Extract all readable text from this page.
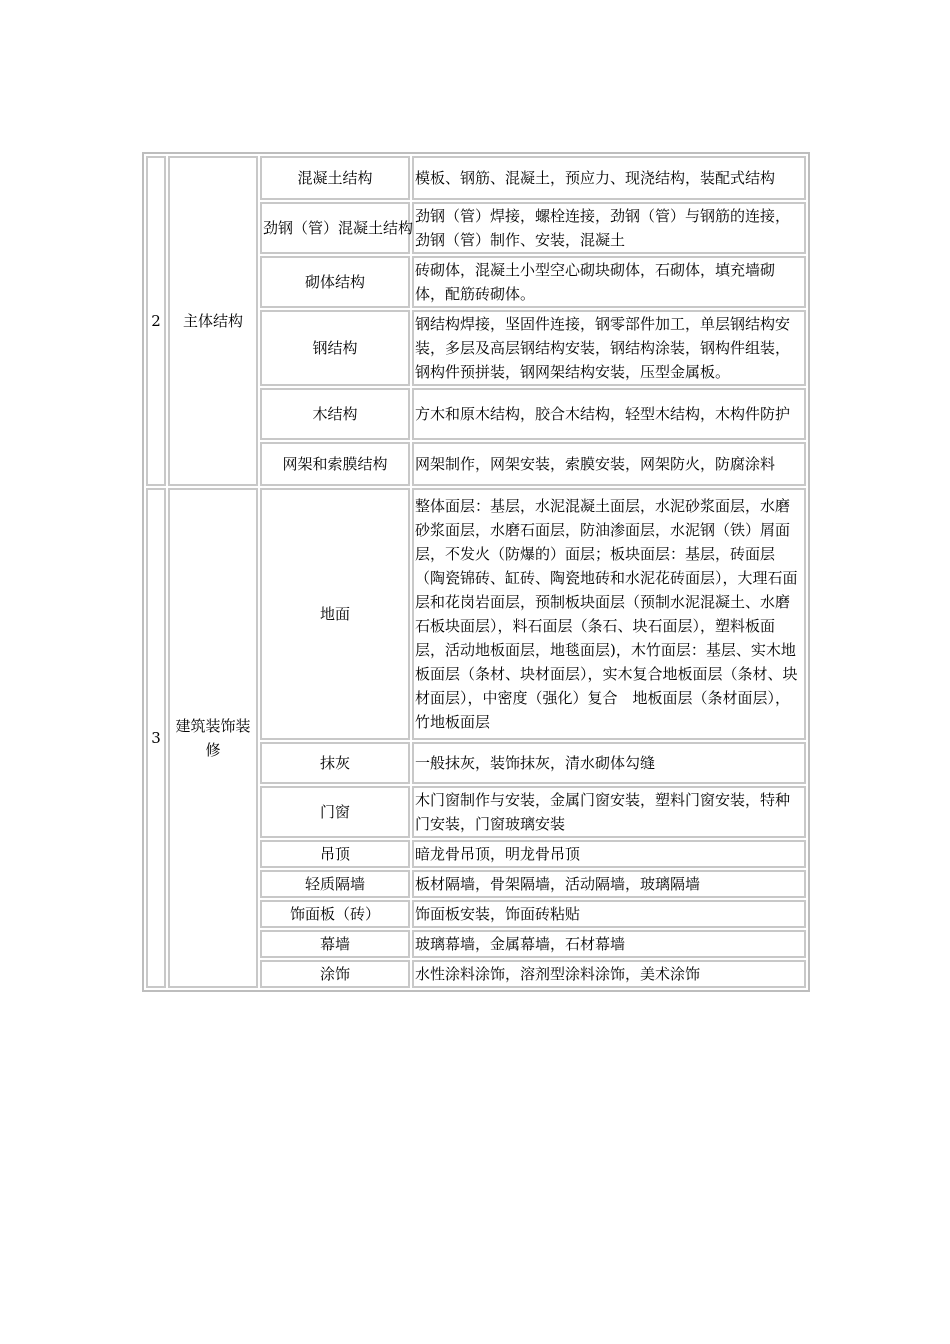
2	主体结构	混凝土结构	模板、钢筋、混凝土，预应力、现浇结构，装配式结构
		劲钢（管）混凝土结构	劲钢（管）焊接，螺栓连接，劲钢（管）与钢筋的连接，劲钢（管）制作、安装，混凝土
		砌体结构	砖砌体，混凝土小型空心砌块砌体，石砌体，填充墙砌体，配筋砖砌体。
		钢结构	钢结构焊接，坚固件连接，钢零部件加工，单层钢结构安装，多层及高层钢结构安装，钢结构涂装，钢构件组装，钢构件预拼装，钢网架结构安装，压型金属板。
		木结构	方木和原木结构，胶合木结构，轻型木结构，木构件防护
		网架和索膜结构	网架制作，网架安装，索膜安装，网架防火，防腐涂料
3	建筑装饰装修	地面	整体面层：基层，水泥混凝土面层，水泥砂浆面层，水磨砂浆面层，水磨石面层，防油渗面层，水泥钢（铁）屑面层，不发火（防爆的）面层；板块面层：基层，砖面层（陶瓷锦砖、缸砖、陶瓷地砖和水泥花砖面层），大理石面层和花岗岩面层，预制板块面层（预制水泥混凝土、水磨石板块面层），料石面层（条石、块石面层），塑料板面层，活动地板面层，地毯面层)，木竹面层：基层、实木地板面层（条材、块材面层），实木复合地板面层（条材、块材面层），中密度（强化）复合　地板面层（条材面层），竹地板面层
		抹灰	一般抹灰，装饰抹灰，清水砌体勾缝
		门窗	木门窗制作与安装，金属门窗安装，塑料门窗安装，特种门安装，门窗玻璃安装
		吊顶	暗龙骨吊顶，明龙骨吊顶
		轻质隔墙	板材隔墙，骨架隔墙，活动隔墙，玻璃隔墙
		饰面板（砖）	饰面板安装，饰面砖粘贴
		幕墙	玻璃幕墙，金属幕墙，石材幕墙
		涂饰	水性涂料涂饰，溶剂型涂料涂饰，美术涂饰
